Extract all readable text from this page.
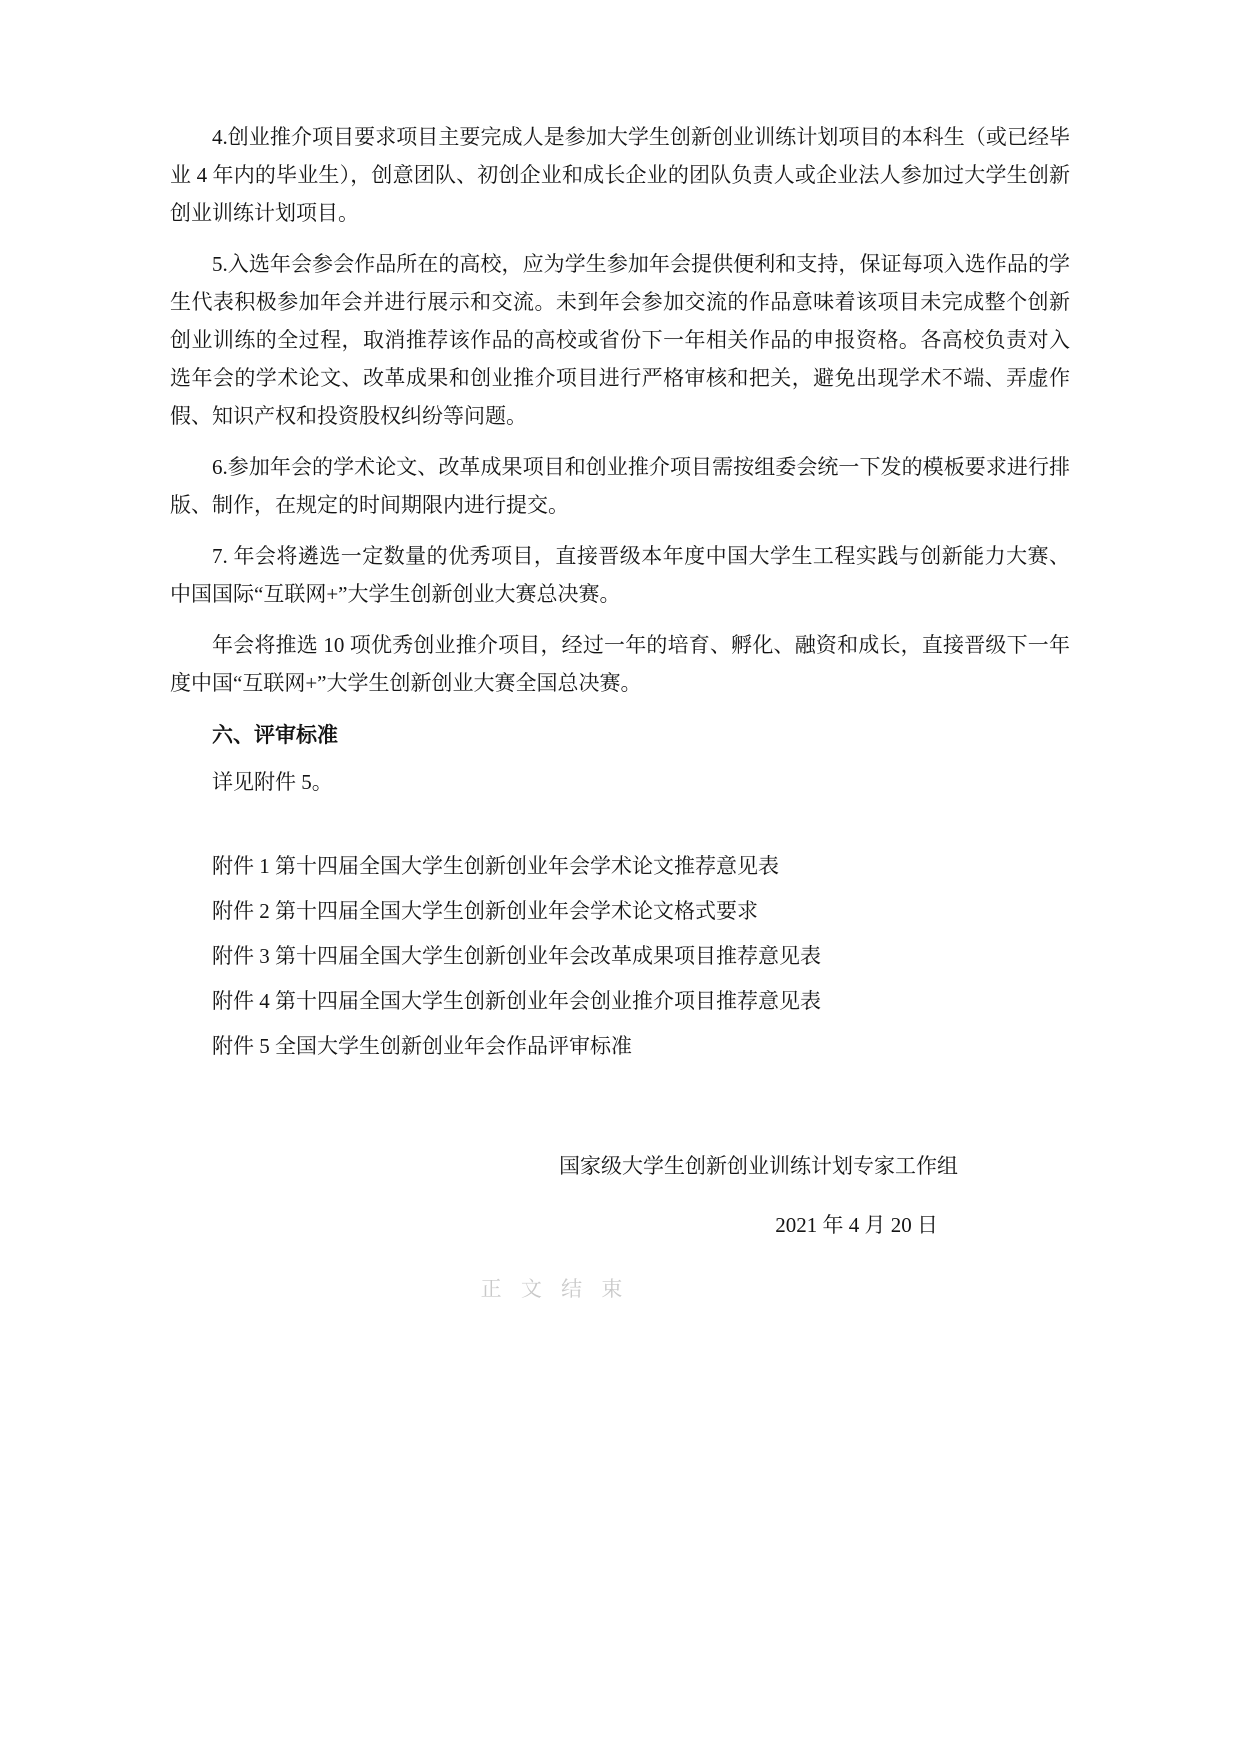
4.创业推介项目要求项目主要完成人是参加大学生创新创业训练计划项目的本科生（或已经毕业 4 年内的毕业生），创意团队、初创企业和成长企业的团队负责人或企业法人参加过大学生创新创业训练计划项目。

5.入选年会参会作品所在的高校，应为学生参加年会提供便利和支持，保证每项入选作品的学生代表积极参加年会并进行展示和交流。未到年会参加交流的作品意味着该项目未完成整个创新创业训练的全过程，取消推荐该作品的高校或省份下一年相关作品的申报资格。各高校负责对入选年会的学术论文、改革成果和创业推介项目进行严格审核和把关，避免出现学术不端、弄虚作假、知识产权和投资股权纠纷等问题。

6.参加年会的学术论文、改革成果项目和创业推介项目需按组委会统一下发的模板要求进行排版、制作，在规定的时间期限内进行提交。

7. 年会将遴选一定数量的优秀项目，直接晋级本年度中国大学生工程实践与创新能力大赛、中国国际“互联网+”大学生创新创业大赛总决赛。

年会将推选 10 项优秀创业推介项目，经过一年的培育、孵化、融资和成长，直接晋级下一年度中国“互联网+”大学生创新创业大赛全国总决赛。

六、评审标准

详见附件 5。

附件 1 第十四届全国大学生创新创业年会学术论文推荐意见表

附件 2 第十四届全国大学生创新创业年会学术论文格式要求

附件 3 第十四届全国大学生创新创业年会改革成果项目推荐意见表

附件 4 第十四届全国大学生创新创业年会创业推介项目推荐意见表

附件 5 全国大学生创新创业年会作品评审标准

国家级大学生创新创业训练计划专家工作组

2021 年 4 月 20 日

正 文 结 束
